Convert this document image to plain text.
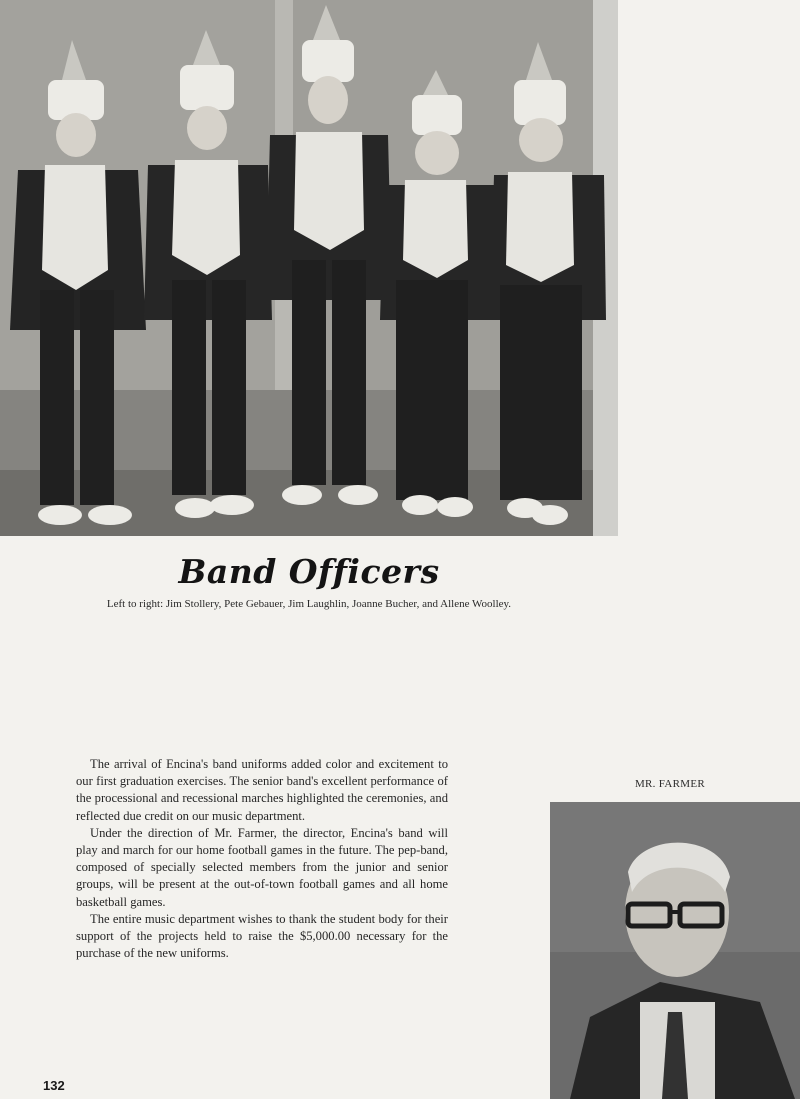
Band Officers
Left to right: Jim Stollery, Pete Gebauer, Jim Laughlin, Joanne Bucher, and Allene Woolley.

The arrival of Encina's band uniforms added color and excitement to our first graduation exercises. The senior band's excellent performance of the processional and recessional marches highlighted the ceremonies, and reflected due credit on our music department.

Under the direction of Mr. Farmer, the director, Encina's band will play and march for our home football games in the future. The pep-band, composed of specially selected members from the junior and senior groups, will be present at the out-of-town football games and all home basketball games.

The entire music department wishes to thank the student body for their support of the projects held to raise the $5,000.00 necessary for the purchase of the new uniforms.

MR. FARMER
132
